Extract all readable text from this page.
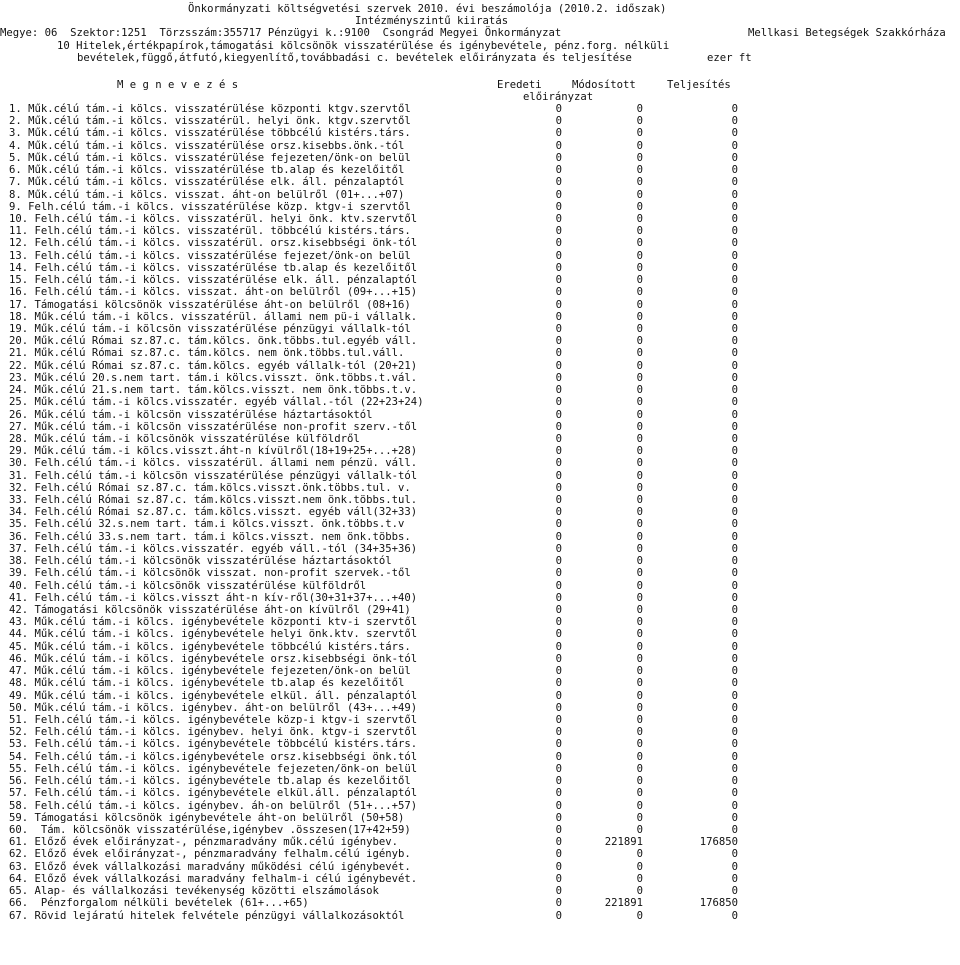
Önkormányzati költségvetési szervek 2010. évi beszámolója (2010.2. időszak)
Intézményszintű kiiratás
Megye: 06  Szektor:1251  Törzsszám:355717 Pénzügyi k.:9100  Csongrád Megyei Önkormányzat	Mellkasi Betegségek Szakkórháza
10 Hitelek,értékpapírok,támogatási kölcsönök visszatérülése és igénybevétele, pénz.forg. nélküli
bevételek,függő,átfutó,kiegyenlítő,továbbadási c. bevételek előirányzata és teljesítése	ezer ft
M e g n e v e z é s	Eredeti	Módosított	Teljesítés
előirányzat
1. Műk.célú tám.-i kölcs. visszatérülése központi ktgv.szervtől	0	0	0
2. Műk.célú tám.-i kölcs. visszatérül. helyi önk. ktgv.szervtől	0	0	0
3. Műk.célú tám.-i kölcs. visszatérülése többcélú kistérs.társ.	0	0	0
4. Műk.célú tám.-i kölcs. visszatérülése orsz.kisebbs.önk.-tól	0	0	0
5. Műk.célú tám.-i kölcs. visszatérülése fejezeten/önk-on belül	0	0	0
6. Műk.célú tám.-i kölcs. visszatérülése tb.alap és kezelőitől	0	0	0
7. Műk.célú tám.-i kölcs. visszatérülése elk. áll. pénzalaptól	0	0	0
8. Műk.célú tám.-i kölcs. visszat. áht-on belülről (01+...+07)	0	0	0
9. Felh.célú tám.-i kölcs. visszatérülése közp. ktgv-i szervtől	0	0	0
10. Felh.célú tám.-i kölcs. visszatérül. helyi önk. ktv.szervtől	0	0	0
11. Felh.célú tám.-i kölcs. visszatérül. többcélú kistérs.társ.	0	0	0
12. Felh.célú tám.-i kölcs. visszatérül. orsz.kisebbségi önk-tól	0	0	0
13. Felh.célú tám.-i kölcs. visszatérülése fejezet/önk-on belül	0	0	0
14. Felh.célú tám.-i kölcs. visszatérülése tb.alap és kezelőitől	0	0	0
15. Felh.célú tám.-i kölcs. visszatérülése elk. áll. pénzalaptól	0	0	0
16. Felh.célú tám.-i kölcs. visszat. áht-on belülről (09+...+15)	0	0	0
17. Támogatási kölcsönök visszatérülése áht-on belülről (08+16)	0	0	0
18. Műk.célú tám.-i kölcs. visszatérül. állami nem pü-i vállalk.	0	0	0
19. Műk.célú tám.-i kölcsön visszatérülése pénzügyi vállalk-tól	0	0	0
20. Műk.célú Római sz.87.c. tám.kölcs. önk.többs.tul.egyéb váll.	0	0	0
21. Műk.célú Római sz.87.c. tám.kölcs. nem önk.többs.tul.váll.	0	0	0
22. Műk.célú Római sz.87.c. tám.kölcs. egyéb vállalk-tól (20+21)	0	0	0
23. Műk.célú 20.s.nem tart. tám.i kölcs.visszt. önk.többs.t.vál.	0	0	0
24. Műk.célú 21.s.nem tart. tám.kölcs.visszt. nem önk.többs.t.v.	0	0	0
25. Műk.célú tám.-i kölcs.visszatér. egyéb vállal.-tól (22+23+24)	0	0	0
26. Műk.célú tám.-i kölcsön visszatérülése háztartásoktól	0	0	0
27. Műk.célú tám.-i kölcsön visszatérülése non-profit szerv.-től	0	0	0
28. Műk.célú tám.-i kölcsönök visszatérülése külföldről	0	0	0
29. Műk.célú tám.-i kölcs.visszt.áht-n kívülről(18+19+25+...+28)	0	0	0
30. Felh.célú tám.-i kölcs. visszatérül. állami nem pénzü. váll.	0	0	0
31. Felh.célú tám.-i kölcsön visszatérülése pénzügyi vállalk-tól	0	0	0
32. Felh.célú Római sz.87.c. tám.kölcs.visszt.önk.többs.tul. v.	0	0	0
33. Felh.célú Római sz.87.c. tám.kölcs.visszt.nem önk.többs.tul.	0	0	0
34. Felh.célú Római sz.87.c. tám.kölcs.visszt. egyéb váll(32+33)	0	0	0
35. Felh.célú 32.s.nem tart. tám.i kölcs.visszt. önk.többs.t.v	0	0	0
36. Felh.célú 33.s.nem tart. tám.i kölcs.visszt. nem önk.többs.	0	0	0
37. Felh.célú tám.-i kölcs.visszatér. egyéb váll.-tól (34+35+36)	0	0	0
38. Felh.célú tám.-i kölcsönök visszatérülése háztartásoktól	0	0	0
39. Felh.célú tám.-i kölcsönök visszat. non-profit szervek.-től	0	0	0
40. Felh.célú tám.-i kölcsönök visszatérülése külföldről	0	0	0
41. Felh.célú tám.-i kölcs.visszt áht-n kív-ről(30+31+37+...+40)	0	0	0
42. Támogatási kölcsönök visszatérülése áht-on kívülről (29+41)	0	0	0
43. Műk.célú tám.-i kölcs. igénybevétele központi ktv-i szervtől	0	0	0
44. Műk.célú tám.-i kölcs. igénybevétele helyi önk.ktv. szervtől	0	0	0
45. Műk.célú tám.-i kölcs. igénybevétele többcélú kistérs.társ.	0	0	0
46. Műk.célú tám.-i kölcs. igénybevétele orsz.kisebbségi önk-tól	0	0	0
47. Műk.célú tám.-i kölcs. igénybevétele fejezeten/önk-on belül	0	0	0
48. Műk.célú tám.-i kölcs. igénybevétele tb.alap és kezelőitől	0	0	0
49. Műk.célú tám.-i kölcs. igénybevétele elkül. áll. pénzalaptól	0	0	0
50. Műk.célú tám.-i kölcs. igénybev. áht-on belülről (43+...+49)	0	0	0
51. Felh.célú tám.-i kölcs. igénybevétele közp-i ktgv-i szervtől	0	0	0
52. Felh.célú tám.-i kölcs. igénybev. helyi önk. ktgv-i szervtől	0	0	0
53. Felh.célú tám.-i kölcs. igénybevétele többcélú kistérs.társ.	0	0	0
54. Felh.célú tám.-i kölcs.igénybevétele orsz.kisebbségi önk.tól	0	0	0
55. Felh.célú tám.-i kölcs. igénybevétele fejezeten/önk-on belül	0	0	0
56. Felh.célú tám.-i kölcs. igénybevétele tb.alap és kezelőitől	0	0	0
57. Felh.célú tám.-i kölcs. igénybevétele elkül.áll. pénzalaptól	0	0	0
58. Felh.célú tám.-i kölcs. igénybev. áh-on belülről (51+...+57)	0	0	0
59. Támogatási kölcsönök igénybevétele áht-on belülről (50+58)	0	0	0
60.  Tám. kölcsönök visszatérülése,igénybev .összesen(17+42+59)	0	0	0
61. Előző évek előirányzat-, pénzmaradvány műk.célú igénybev.	0	221891	176850
62. Előző évek előirányzat-, pénzmaradvány felhalm.célú igényb.	0	0	0
63. Előző évek vállalkozási maradvány működési célú igénybevét.	0	0	0
64. Előző évek vállalkozási maradvány felhalm-i célú igénybevét.	0	0	0
65. Alap- és vállalkozási tevékenység közötti elszámolások	0	0	0
66.  Pénzforgalom nélküli bevételek (61+...+65)	0	221891	176850
67. Rövid lejáratú hitelek felvétele pénzügyi vállalkozásoktól	0	0	0
